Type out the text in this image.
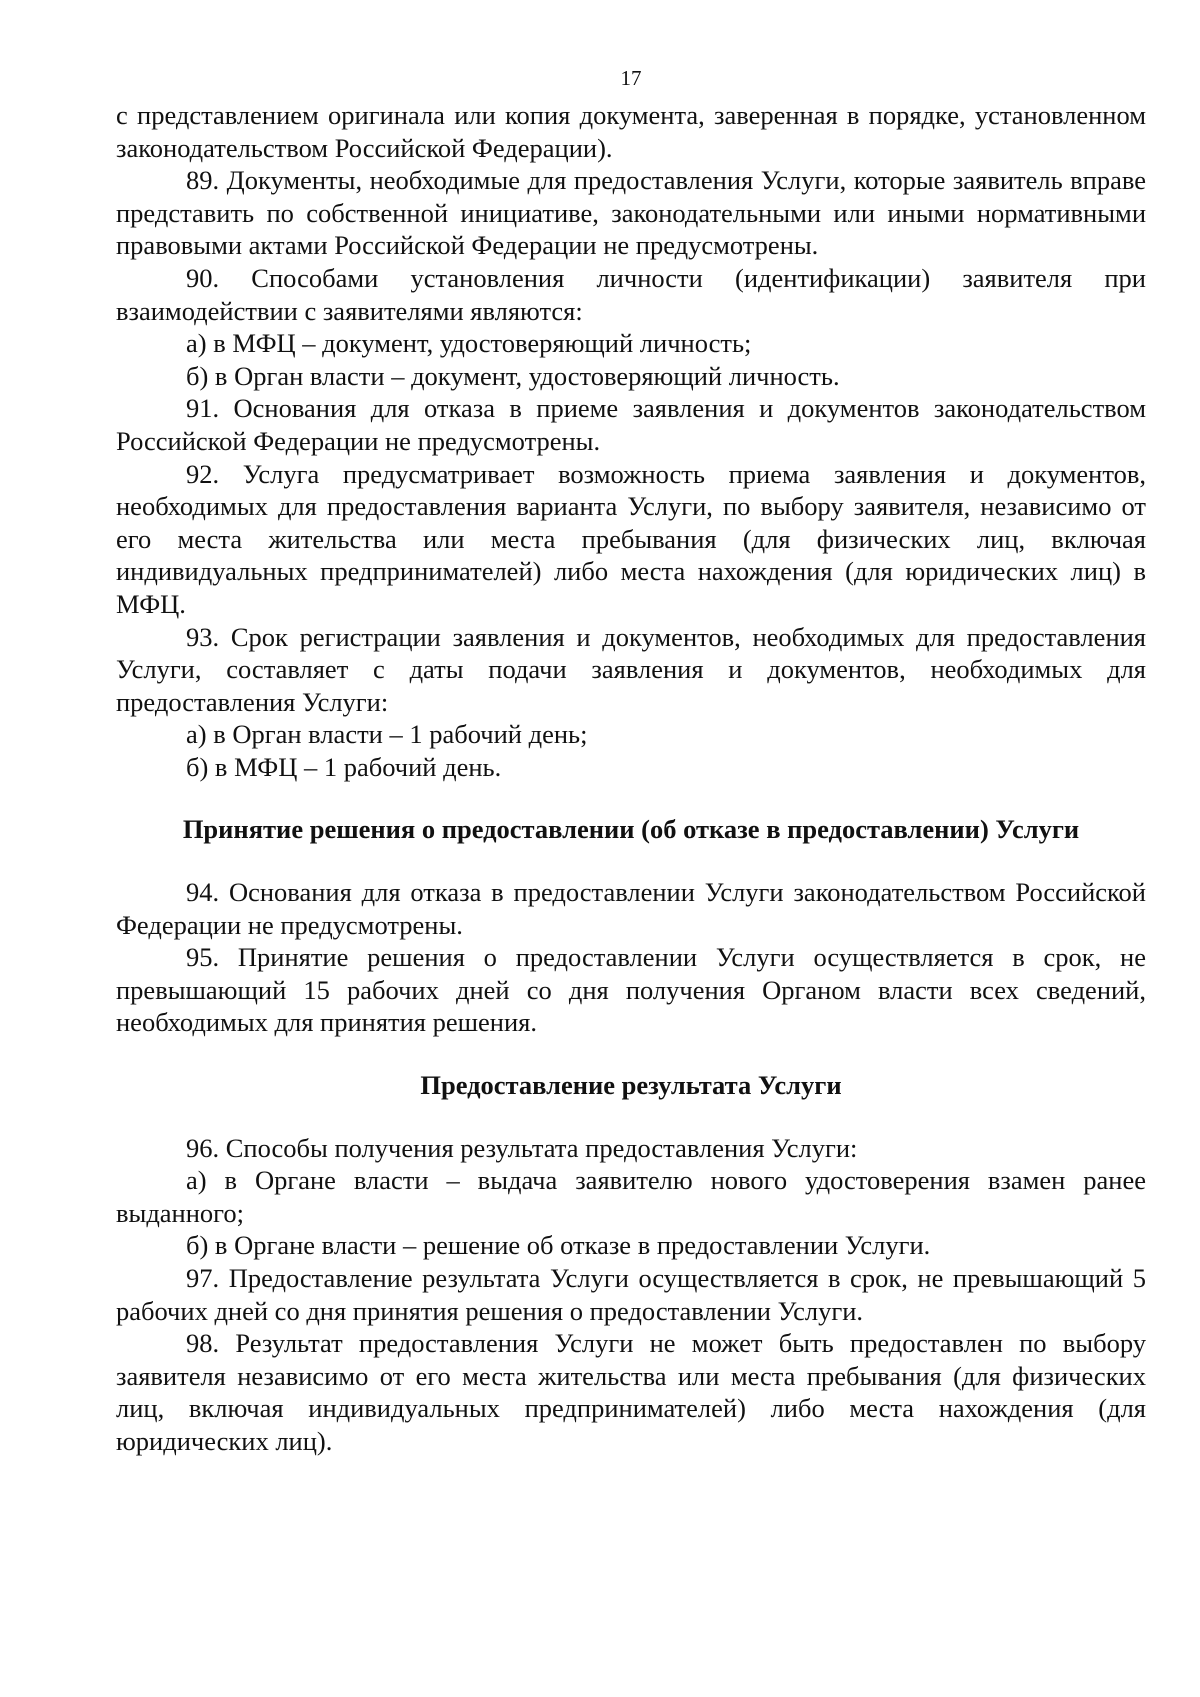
17

с представлением оригинала или копия документа, заверенная в порядке, установленном законодательством Российской Федерации).

89. Документы, необходимые для предоставления Услуги, которые заявитель вправе представить по собственной инициативе, законодательными или иными нормативными правовыми актами Российской Федерации не предусмотрены.

90. Способами установления личности (идентификации) заявителя при взаимодействии с заявителями являются:

а) в МФЦ – документ, удостоверяющий личность;

б) в Орган власти – документ, удостоверяющий личность.

91. Основания для отказа в приеме заявления и документов законодательством Российской Федерации не предусмотрены.

92. Услуга предусматривает возможность приема заявления и документов, необходимых для предоставления варианта Услуги, по выбору заявителя, независимо от его места жительства или места пребывания (для физических лиц, включая индивидуальных предпринимателей) либо места нахождения (для юридических лиц) в МФЦ.

93. Срок регистрации заявления и документов, необходимых для предоставления Услуги, составляет с даты подачи заявления и документов, необходимых для предоставления Услуги:

а) в Орган власти – 1 рабочий день;

б) в МФЦ – 1 рабочий день.

Принятие решения о предоставлении (об отказе в предоставлении) Услуги

94. Основания для отказа в предоставлении Услуги законодательством Российской Федерации не предусмотрены.

95. Принятие решения о предоставлении Услуги осуществляется в срок, не превышающий 15 рабочих дней со дня получения Органом власти всех сведений, необходимых для принятия решения.

Предоставление результата Услуги

96. Способы получения результата предоставления Услуги:

а) в Органе власти – выдача заявителю нового удостоверения взамен ранее выданного;

б) в Органе власти – решение об отказе в предоставлении Услуги.

97. Предоставление результата Услуги осуществляется в срок, не превышающий 5 рабочих дней со дня принятия решения о предоставлении Услуги.

98. Результат предоставления Услуги не может быть предоставлен по выбору заявителя независимо от его места жительства или места пребывания (для физических лиц, включая индивидуальных предпринимателей) либо места нахождения (для юридических лиц).
